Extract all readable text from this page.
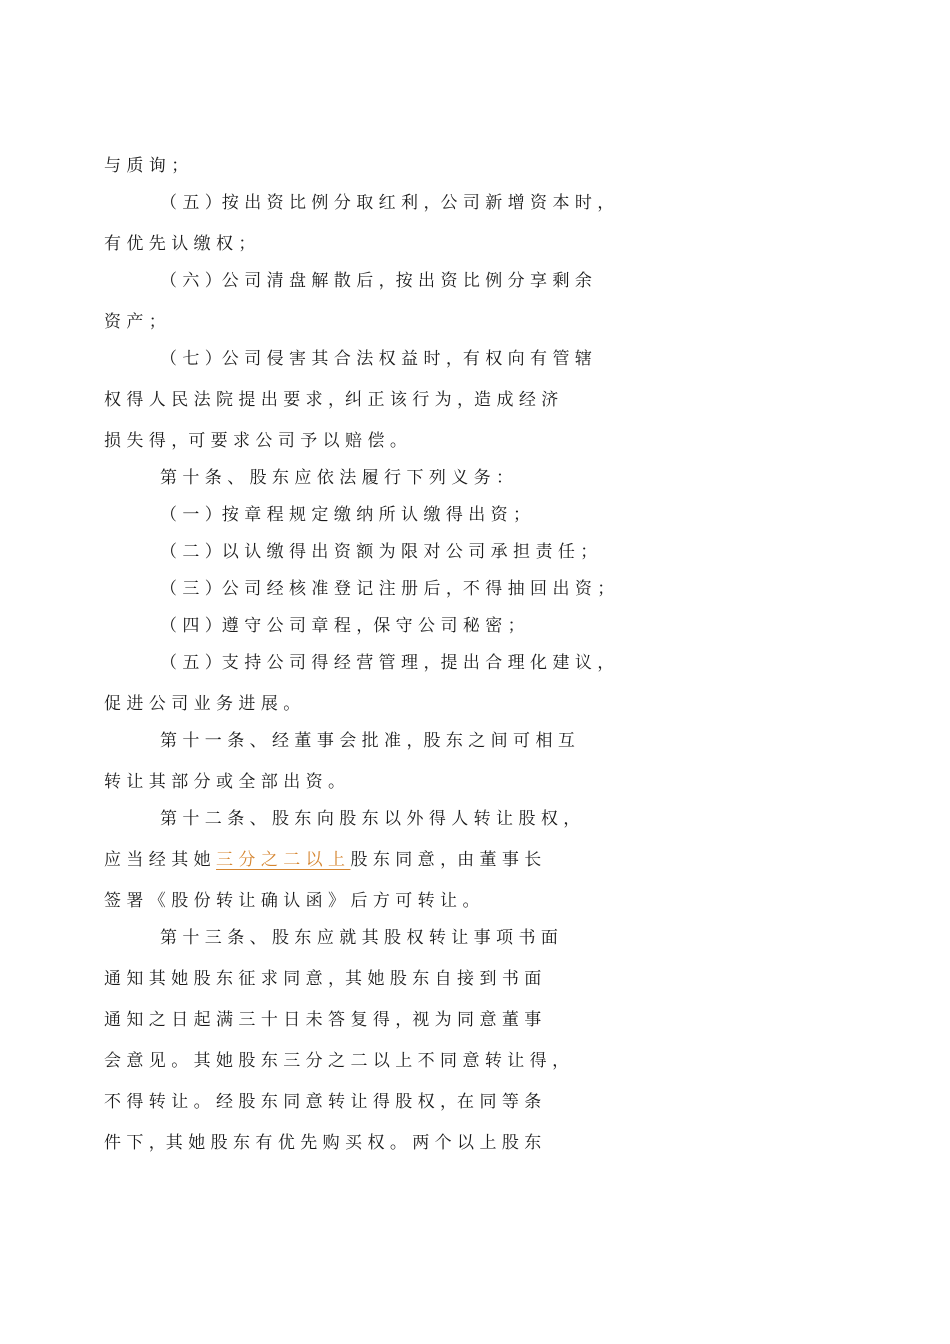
与 质 询 ；
（ 五 ）按 出 资 比 例 分 取 红 利 ，公 司 新 增 资 本 时 ，
有 优 先 认 缴 权 ；
（ 六 ）公 司 清 盘 解 散 后 ，按 出 资 比 例 分 享 剩 余
资 产 ；
（ 七 ）公 司 侵 害 其 合 法 权 益 时 ，有 权 向 有 管 辖
权 得 人 民 法 院 提 出 要 求 ，纠 正 该 行 为 ，造 成 经 济
损 失 得 ，可 要 求 公 司 予 以 赔 偿 。
第 十 条 、 股 东 应 依 法 履 行 下 列 义 务 ：
（ 一 ）按 章 程 规 定 缴 纳 所 认 缴 得 出 资 ；
（ 二 ）以 认 缴 得 出 资 额 为 限 对 公 司 承 担 责 任 ；
（ 三 ）公 司 经 核 准 登 记 注 册 后 ，不 得 抽 回 出 资 ；
（ 四 ）遵 守 公 司 章 程 ，保 守 公 司 秘 密 ；
（ 五 ）支 持 公 司 得 经 营 管 理 ，提 出 合 理 化 建 议 ，
促 进 公 司 业 务 进 展 。
第 十 一 条 、 经 董 事 会 批 准 ，股 东 之 间 可 相 互
转 让 其 部 分 或 全 部 出 资 。
第 十 二 条 、 股 东 向 股 东 以 外 得 人 转 让 股 权 ，
应 当 经 其 她 三 分 之 二 以 上 股 东 同 意 ，由 董 事 长
签 署 《 股 份 转 让 确 认 函 》 后 方 可 转 让 。
第 十 三 条 、 股 东 应 就 其 股 权 转 让 事 项 书 面
通 知 其 她 股 东 征 求 同 意 ，其 她 股 东 自 接 到 书 面
通 知 之 日 起 满 三 十 日 未 答 复 得 ，视 为 同 意 董 事
会 意 见 。 其 她 股 东 三 分 之 二 以 上 不 同 意 转 让 得 ，
不 得 转 让 。 经 股 东 同 意 转 让 得 股 权 ，在 同 等 条
件 下 ，其 她 股 东 有 优 先 购 买 权 。 两 个 以 上 股 东
